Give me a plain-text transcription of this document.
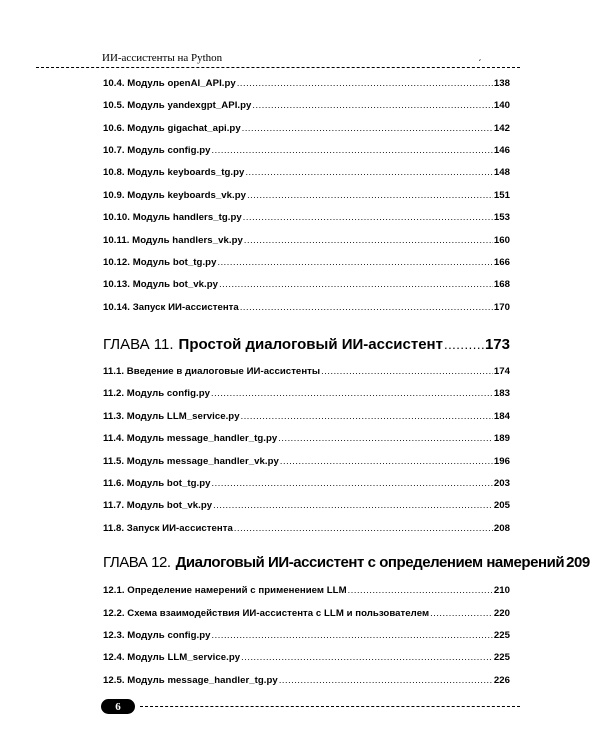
ИИ-ассистенты на Python	ˏ
10.4. Модуль openAI_API.py .....	138
10.5. Модуль yandexgpt_API.py .....	140
10.6. Модуль gigachat_api.py .....	142
10.7. Модуль config.py .....	146
10.8. Модуль keyboards_tg.py .....	148
10.9. Модуль keyboards_vk.py .....	151
10.10. Модуль handlers_tg.py .....	153
10.11. Модуль handlers_vk.py .....	160
10.12. Модуль bot_tg.py .....	166
10.13. Модуль bot_vk.py .....	168
10.14. Запуск ИИ-ассистента .....	170
ГЛАВА 11. Простой диалоговый ИИ-ассистент .....	173
11.1. Введение в диалоговые ИИ-ассистенты .....	174
11.2. Модуль config.py .....	183
11.3. Модуль LLM_service.py .....	184
11.4. Модуль message_handler_tg.py .....	189
11.5. Модуль message_handler_vk.py .....	196
11.6. Модуль bot_tg.py .....	203
11.7. Модуль bot_vk.py .....	205
11.8. Запуск ИИ-ассистента .....	208
ГЛАВА 12. Диалоговый ИИ-ассистент с определением намерений 209
12.1. Определение намерений с применением LLM .....	210
12.2. Схема взаимодействия ИИ-ассистента с LLM и пользователем .....	220
12.3. Модуль config.py .....	225
12.4. Модуль LLM_service.py .....	225
12.5. Модуль message_handler_tg.py .....	226
6
